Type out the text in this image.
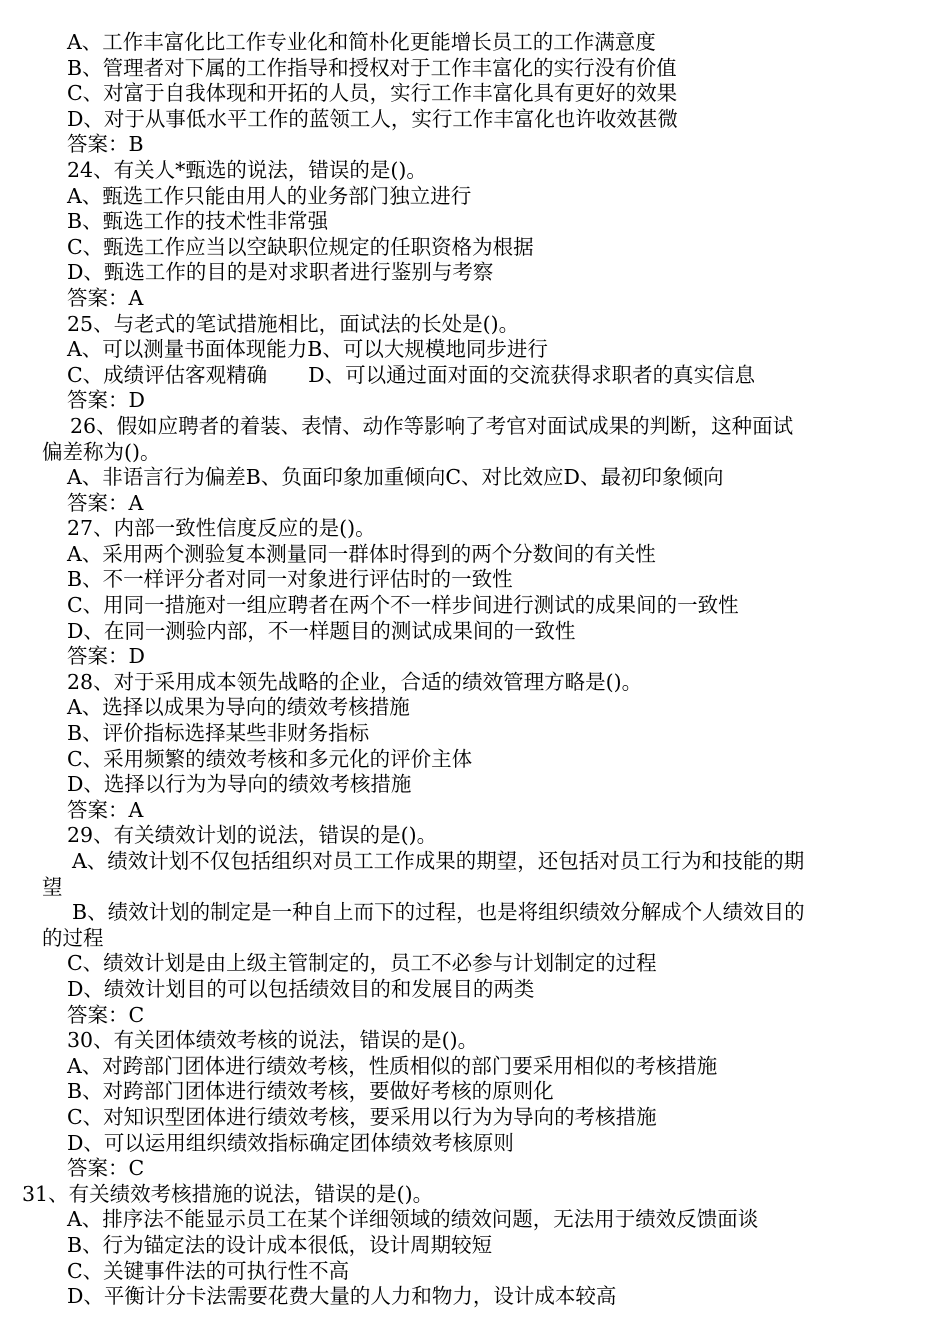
A、工作丰富化比工作专业化和简朴化更能增长员工的工作满意度
B、管理者对下属的工作指导和授权对于工作丰富化的实行没有价值
C、对富于自我体现和开拓的人员，实行工作丰富化具有更好的效果
D、对于从事低水平工作的蓝领工人，实行工作丰富化也许收效甚微
答案：B
24、有关人*甄选的说法，错误的是()。
A、甄选工作只能由用人的业务部门独立进行
B、甄选工作的技术性非常强
C、甄选工作应当以空缺职位规定的任职资格为根据
D、甄选工作的目的是对求职者进行鉴别与考察
答案：A
25、与老式的笔试措施相比，面试法的长处是()。
A、可以测量书面体现能力B、可以大规模地同步进行
C、成绩评估客观精确　　D、可以通过面对面的交流获得求职者的真实信息
答案：D
26、假如应聘者的着装、表情、动作等影响了考官对面试成果的判断，这种面试
偏差称为()。
A、非语言行为偏差B、负面印象加重倾向C、对比效应D、最初印象倾向
答案：A
27、内部一致性信度反应的是()。
A、采用两个测验复本测量同一群体时得到的两个分数间的有关性
B、不一样评分者对同一对象进行评估时的一致性
C、用同一措施对一组应聘者在两个不一样步间进行测试的成果间的一致性
D、在同一测验内部，不一样题目的测试成果间的一致性
答案：D
28、对于采用成本领先战略的企业，合适的绩效管理方略是()。
A、选择以成果为导向的绩效考核措施
B、评价指标选择某些非财务指标
C、采用频繁的绩效考核和多元化的评价主体
D、选择以行为为导向的绩效考核措施
答案：A
29、有关绩效计划的说法，错误的是()。
A、绩效计划不仅包括组织对员工工作成果的期望，还包括对员工行为和技能的期
望
B、绩效计划的制定是一种自上而下的过程，也是将组织绩效分解成个人绩效目的
的过程
C、绩效计划是由上级主管制定的，员工不必参与计划制定的过程
D、绩效计划目的可以包括绩效目的和发展目的两类
答案：C
30、有关团体绩效考核的说法，错误的是()。
A、对跨部门团体进行绩效考核，性质相似的部门要采用相似的考核措施
B、对跨部门团体进行绩效考核，要做好考核的原则化
C、对知识型团体进行绩效考核，要采用以行为为导向的考核措施
D、可以运用组织绩效指标确定团体绩效考核原则
答案：C
31、有关绩效考核措施的说法，错误的是()。
A、排序法不能显示员工在某个详细领域的绩效问题，无法用于绩效反馈面谈
B、行为锚定法的设计成本很低，设计周期较短
C、关键事件法的可执行性不高
D、平衡计分卡法需要花费大量的人力和物力，设计成本较高
